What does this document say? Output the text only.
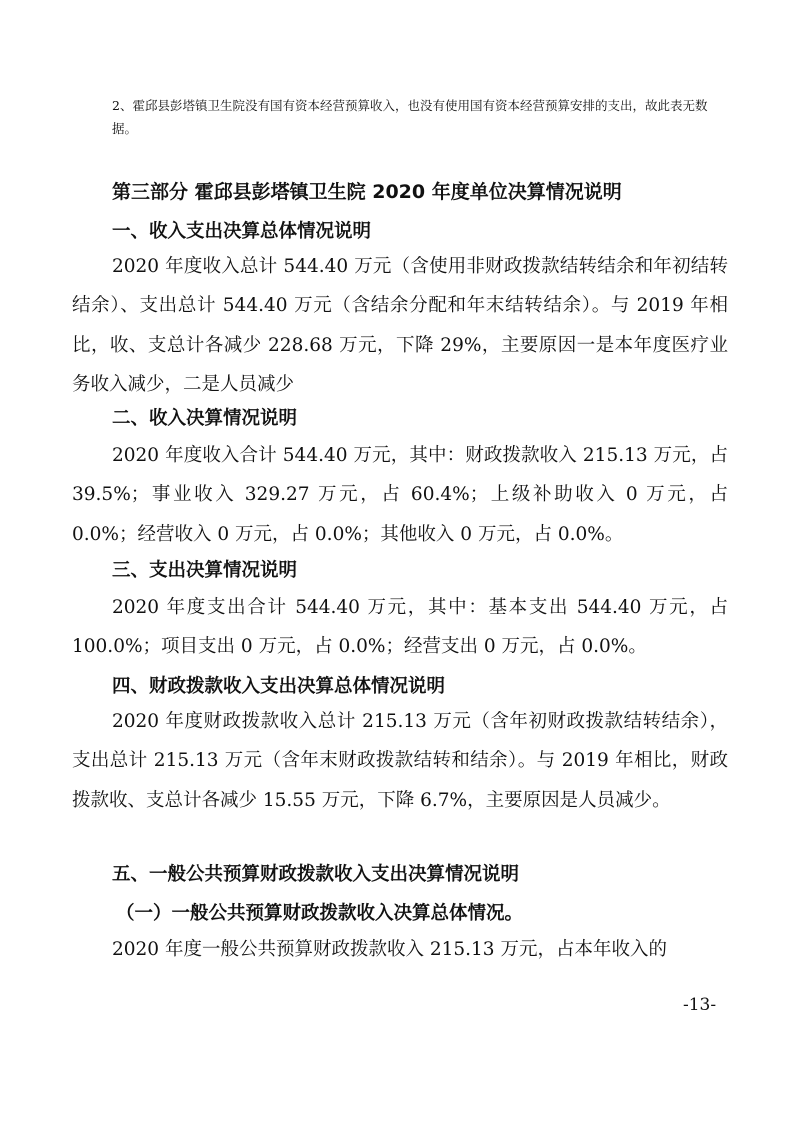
2、霍邱县彭塔镇卫生院没有国有资本经营预算收入，也没有使用国有资本经营预算安排的支出，故此表无数据。
第三部分 霍邱县彭塔镇卫生院 2020 年度单位决算情况说明
一、收入支出决算总体情况说明
2020 年度收入总计 544.40 万元（含使用非财政拨款结转结余和年初结转结余）、支出总计 544.40 万元（含结余分配和年末结转结余）。与 2019 年相比，收、支总计各减少 228.68 万元，下降 29%，主要原因一是本年度医疗业务收入减少，二是人员减少
二、收入决算情况说明
2020 年度收入合计 544.40 万元，其中：财政拨款收入 215.13 万元，占 39.5%；事业收入 329.27 万元，占 60.4%；上级补助收入 0 万元，占 0.0%；经营收入 0 万元，占 0.0%；其他收入 0 万元，占 0.0%。
三、支出决算情况说明
2020 年度支出合计 544.40 万元，其中：基本支出 544.40 万元，占 100.0%；项目支出 0 万元，占 0.0%；经营支出 0 万元，占 0.0%。
四、财政拨款收入支出决算总体情况说明
2020 年度财政拨款收入总计 215.13 万元（含年初财政拨款结转结余），支出总计 215.13 万元（含年末财政拨款结转和结余）。与 2019 年相比，财政拨款收、支总计各减少 15.55 万元，下降 6.7%，主要原因是人员减少。
五、一般公共预算财政拨款收入支出决算情况说明
（一）一般公共预算财政拨款收入决算总体情况。
2020 年度一般公共预算财政拨款收入 215.13 万元，占本年收入的
-13-
